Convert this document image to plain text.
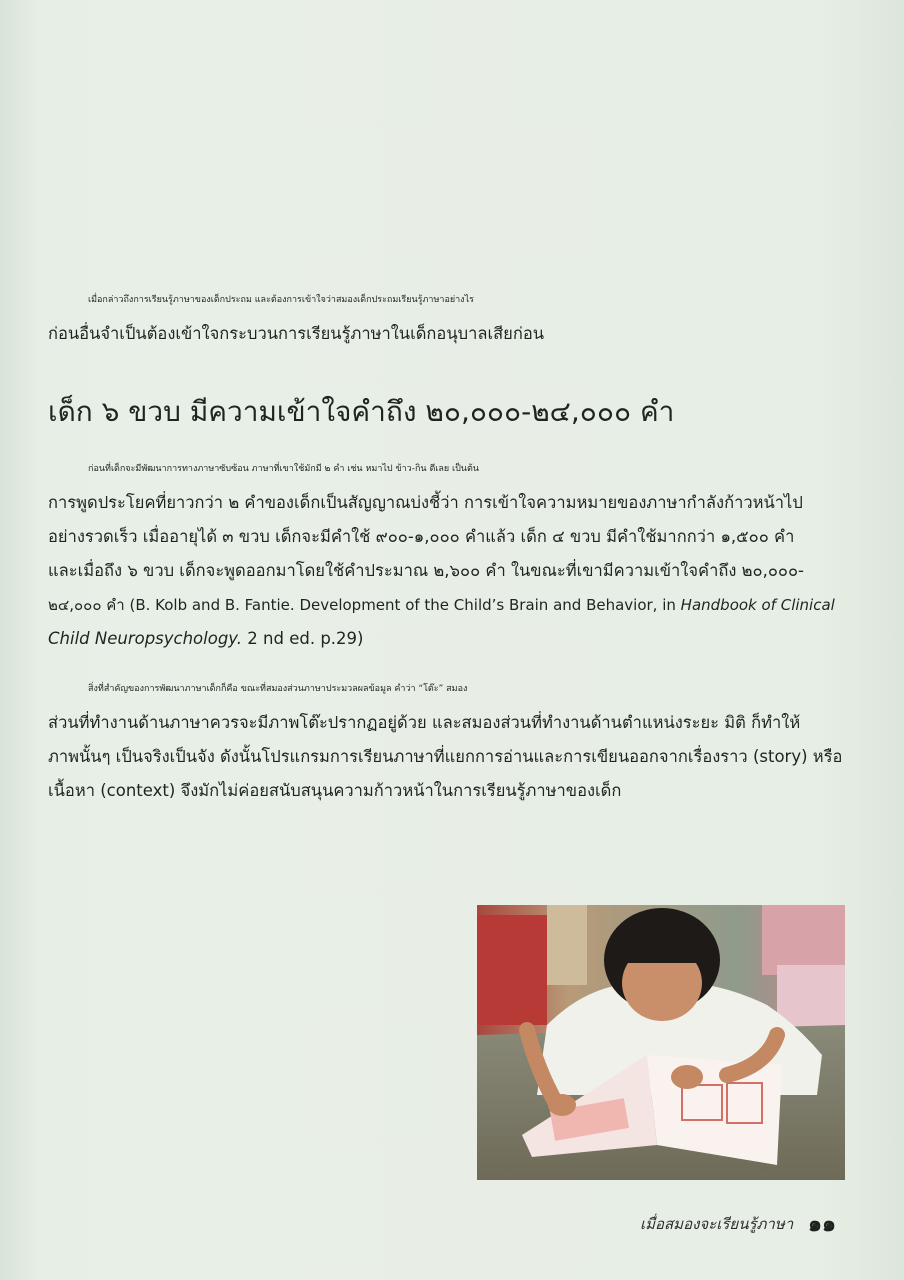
เมื่อกล่าวถึงการเรียนรู้ภาษาของเด็กประถม และต้องการเข้าใจว่าสมองเด็กประถมเรียนรู้ภาษาอย่างไร
ก่อนอื่นจำเป็นต้องเข้าใจกระบวนการเรียนรู้ภาษาในเด็กอนุบาลเสียก่อน

เด็ก ๖ ขวบ มีความเข้าใจคำถึง ๒๐,๐๐๐-๒๔,๐๐๐ คำ

ก่อนที่เด็กจะมีพัฒนาการทางภาษาซับซ้อน ภาษาที่เขาใช้มักมี ๒ คำ เช่น หมาไป ข้าว-กิน ตีเลย เป็นต้น
การพูดประโยคที่ยาวกว่า ๒ คำของเด็กเป็นสัญญาณบ่งชี้ว่า การเข้าใจความหมายของภาษากำลังก้าวหน้าไป
อย่างรวดเร็ว เมื่ออายุได้ ๓ ขวบ เด็กจะมีคำใช้ ๙๐๐-๑,๐๐๐ คำแล้ว เด็ก ๔ ขวบ มีคำใช้มากกว่า ๑,๕๐๐ คำ
และเมื่อถึง ๖ ขวบ เด็กจะพูดออกมาโดยใช้คำประมาณ ๒,๖๐๐ คำ ในขณะที่เขามีความเข้าใจคำถึง ๒๐,๐๐๐-
๒๔,๐๐๐ คำ (B. Kolb and B. Fantie. Development of the Child’s Brain and Behavior, in Handbook of Clinical
Child Neuropsychology. 2 nd ed. p.29)

สิ่งที่สำคัญของการพัฒนาภาษาเด็กก็คือ ขณะที่สมองส่วนภาษาประมวลผลข้อมูล คำว่า “โต๊ะ” สมอง
ส่วนที่ทำงานด้านภาษาควรจะมีภาพโต๊ะปรากฏอยู่ด้วย และสมองส่วนที่ทำงานด้านตำแหน่งระยะ มิติ ก็ทำให้
ภาพนั้นๆ เป็นจริงเป็นจัง ดังนั้นโปรแกรมการเรียนภาษาที่แยกการอ่านและการเขียนออกจากเรื่องราว (story) หรือ
เนื้อหา (context) จึงมักไม่ค่อยสนับสนุนความก้าวหน้าในการเรียนรู้ภาษาของเด็ก

เมื่อสมองจะเรียนรู้ภาษา ๑๑
